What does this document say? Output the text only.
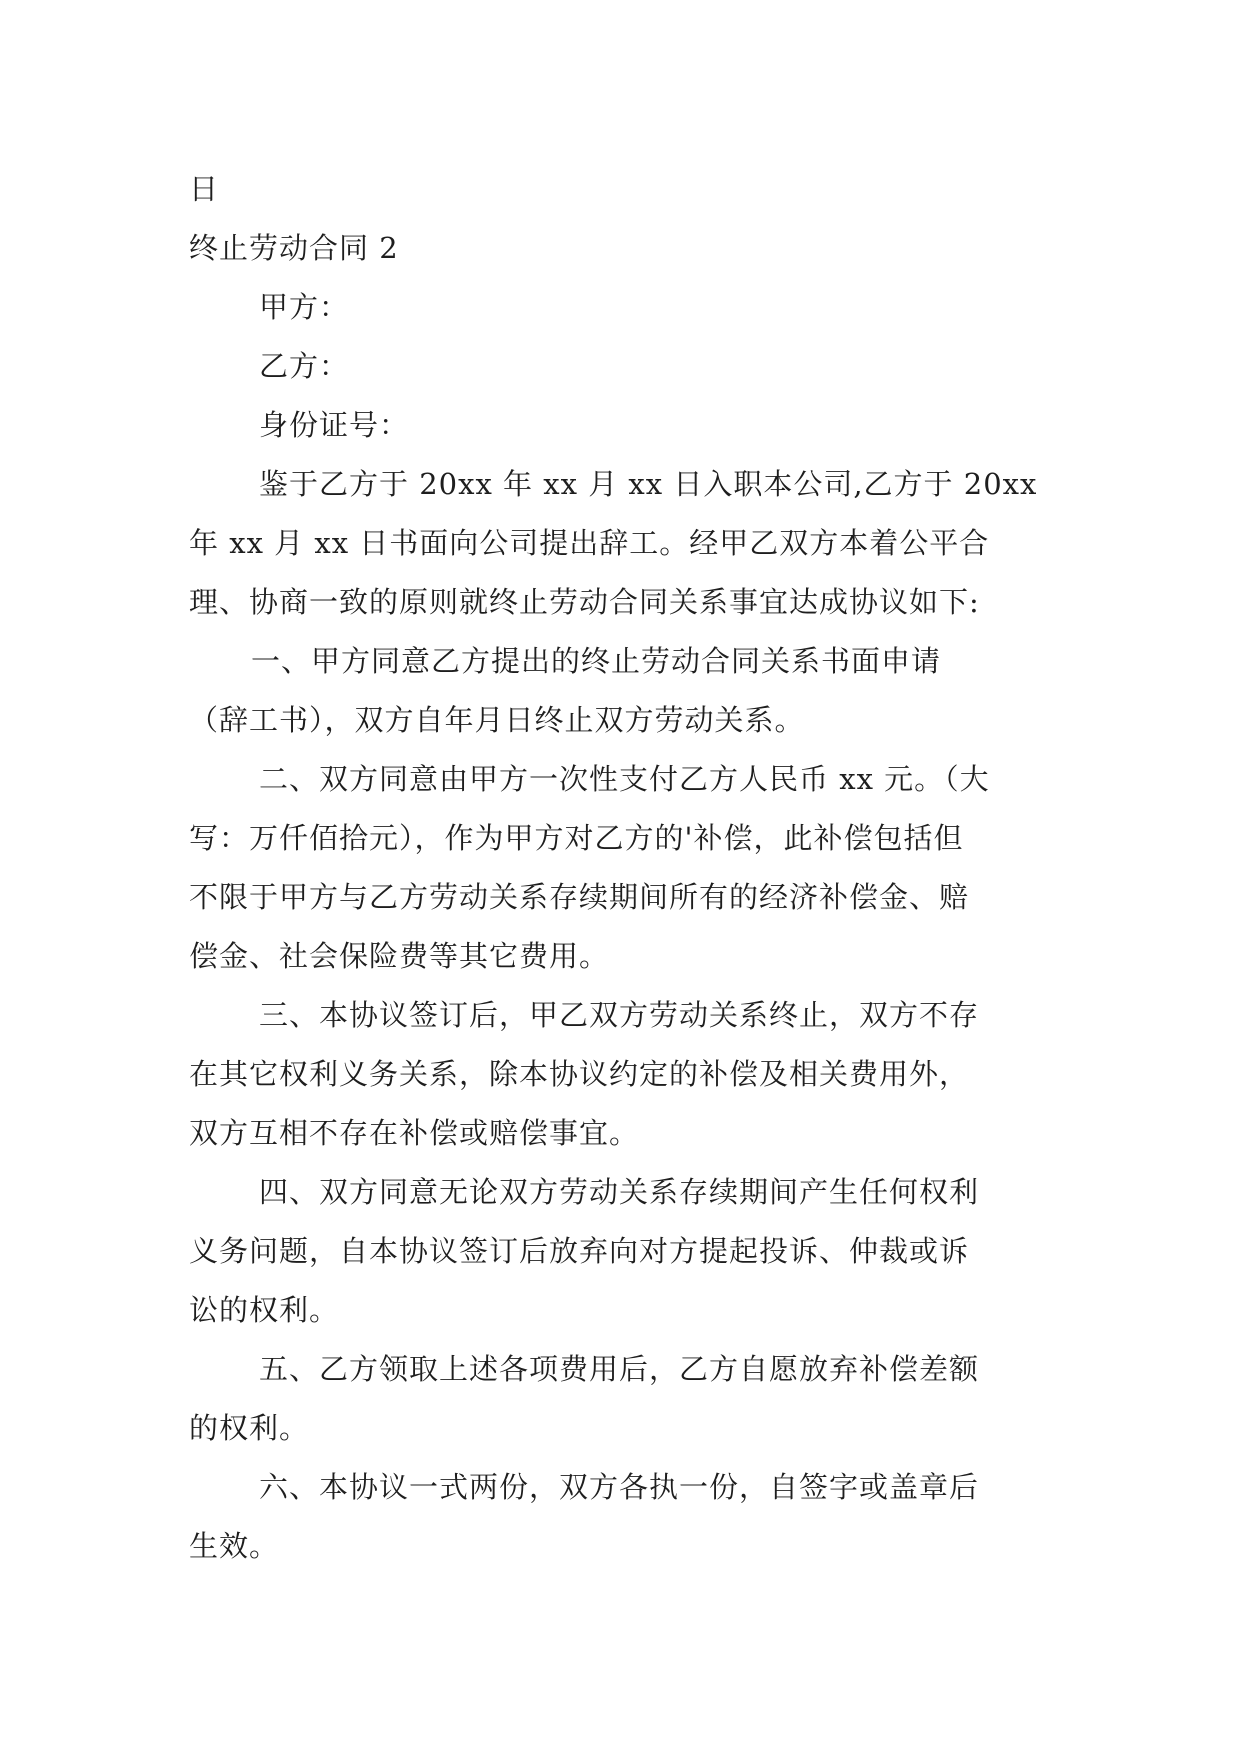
日

终止劳动合同 2

甲方：

乙方：

身份证号：

鉴于乙方于 20xx 年 xx 月 xx 日入职本公司,乙方于 20xx

年 xx 月 xx 日书面向公司提出辞工。经甲乙双方本着公平合

理、协商一致的原则就终止劳动合同关系事宜达成协议如下:

一、甲方同意乙方提出的终止劳动合同关系书面申请

（辞工书），双方自年月日终止双方劳动关系。

二、双方同意由甲方一次性支付乙方人民币 xx 元。（大

写：万仟佰拾元），作为甲方对乙方的'补偿，此补偿包括但

不限于甲方与乙方劳动关系存续期间所有的经济补偿金、赔

偿金、社会保险费等其它费用。

三、本协议签订后，甲乙双方劳动关系终止，双方不存

在其它权利义务关系，除本协议约定的补偿及相关费用外，

双方互相不存在补偿或赔偿事宜。

四、双方同意无论双方劳动关系存续期间产生任何权利

义务问题，自本协议签订后放弃向对方提起投诉、仲裁或诉

讼的权利。

五、乙方领取上述各项费用后，乙方自愿放弃补偿差额

的权利。

六、本协议一式两份，双方各执一份，自签字或盖章后

生效。
